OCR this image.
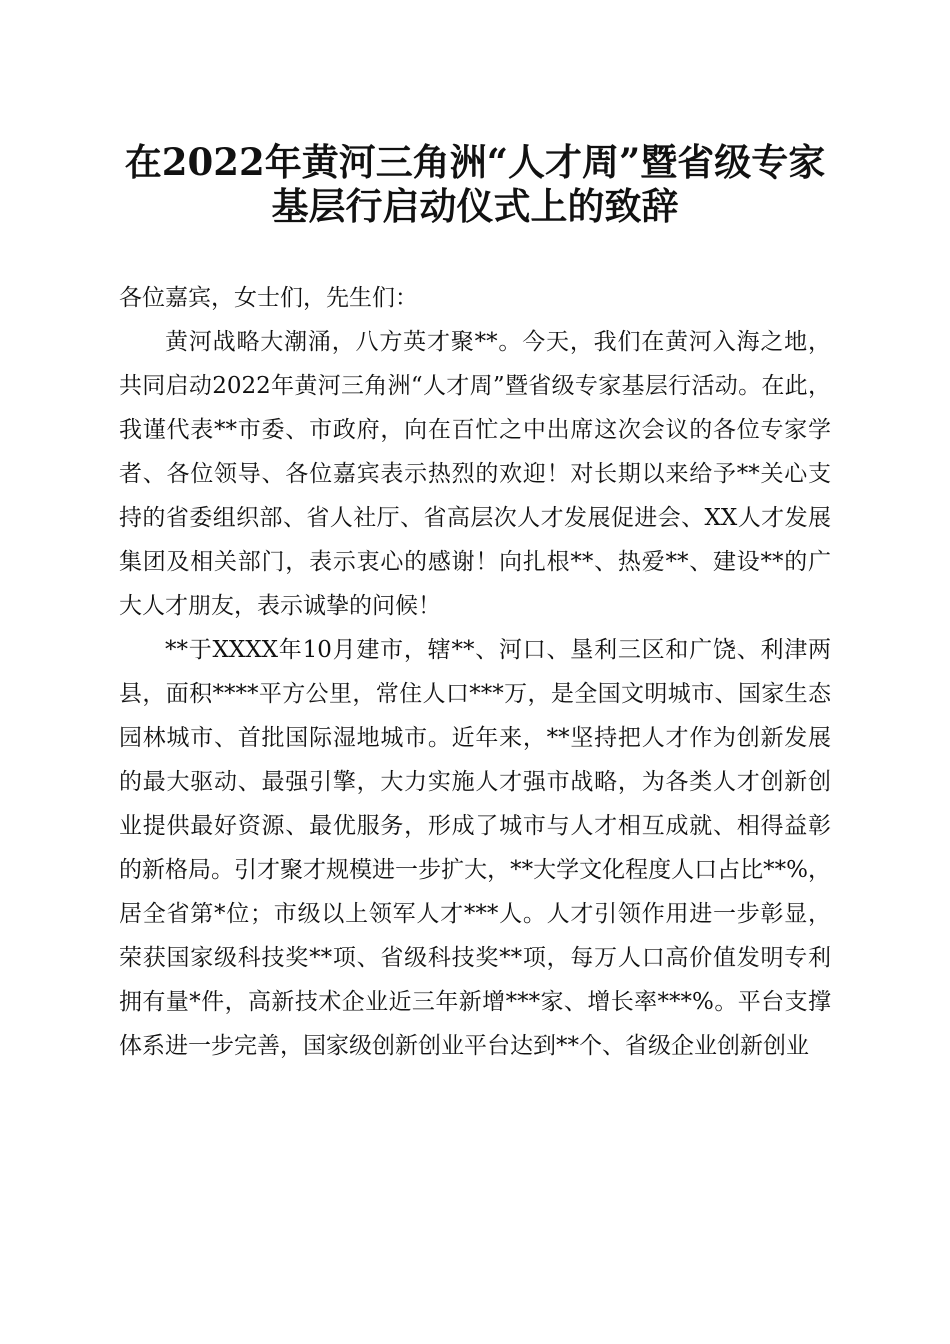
在2022年黄河三角洲“人才周”暨省级专家
基层行启动仪式上的致辞

各位嘉宾，女士们，先生们：

黄河战略大潮涌，八方英才聚**。今天，我们在黄河入海之地，共同启动2022年黄河三角洲“人才周”暨省级专家基层行活动。在此，我谨代表**市委、市政府，向在百忙之中出席这次会议的各位专家学者、各位领导、各位嘉宾表示热烈的欢迎！对长期以来给予**关心支持的省委组织部、省人社厅、省高层次人才发展促进会、XX人才发展集团及相关部门，表示衷心的感谢！向扎根**、热爱**、建设**的广大人才朋友，表示诚挚的问候！

**于XXXX年10月建市，辖**、河口、垦利三区和广饶、利津两县，面积****平方公里，常住人口***万，是全国文明城市、国家生态园林城市、首批国际湿地城市。近年来，**坚持把人才作为创新发展的最大驱动、最强引擎，大力实施人才强市战略，为各类人才创新创业提供最好资源、最优服务，形成了城市与人才相互成就、相得益彰的新格局。引才聚才规模进一步扩大，**大学文化程度人口占比**%，居全省第*位；市级以上领军人才***人。人才引领作用进一步彰显，荣获国家级科技奖**项、省级科技奖**项，每万人口高价值发明专利拥有量*件，高新技术企业近三年新增***家、增长率***%。平台支撑体系进一步完善，国家级创新创业平台达到**个、省级企业创新创业
